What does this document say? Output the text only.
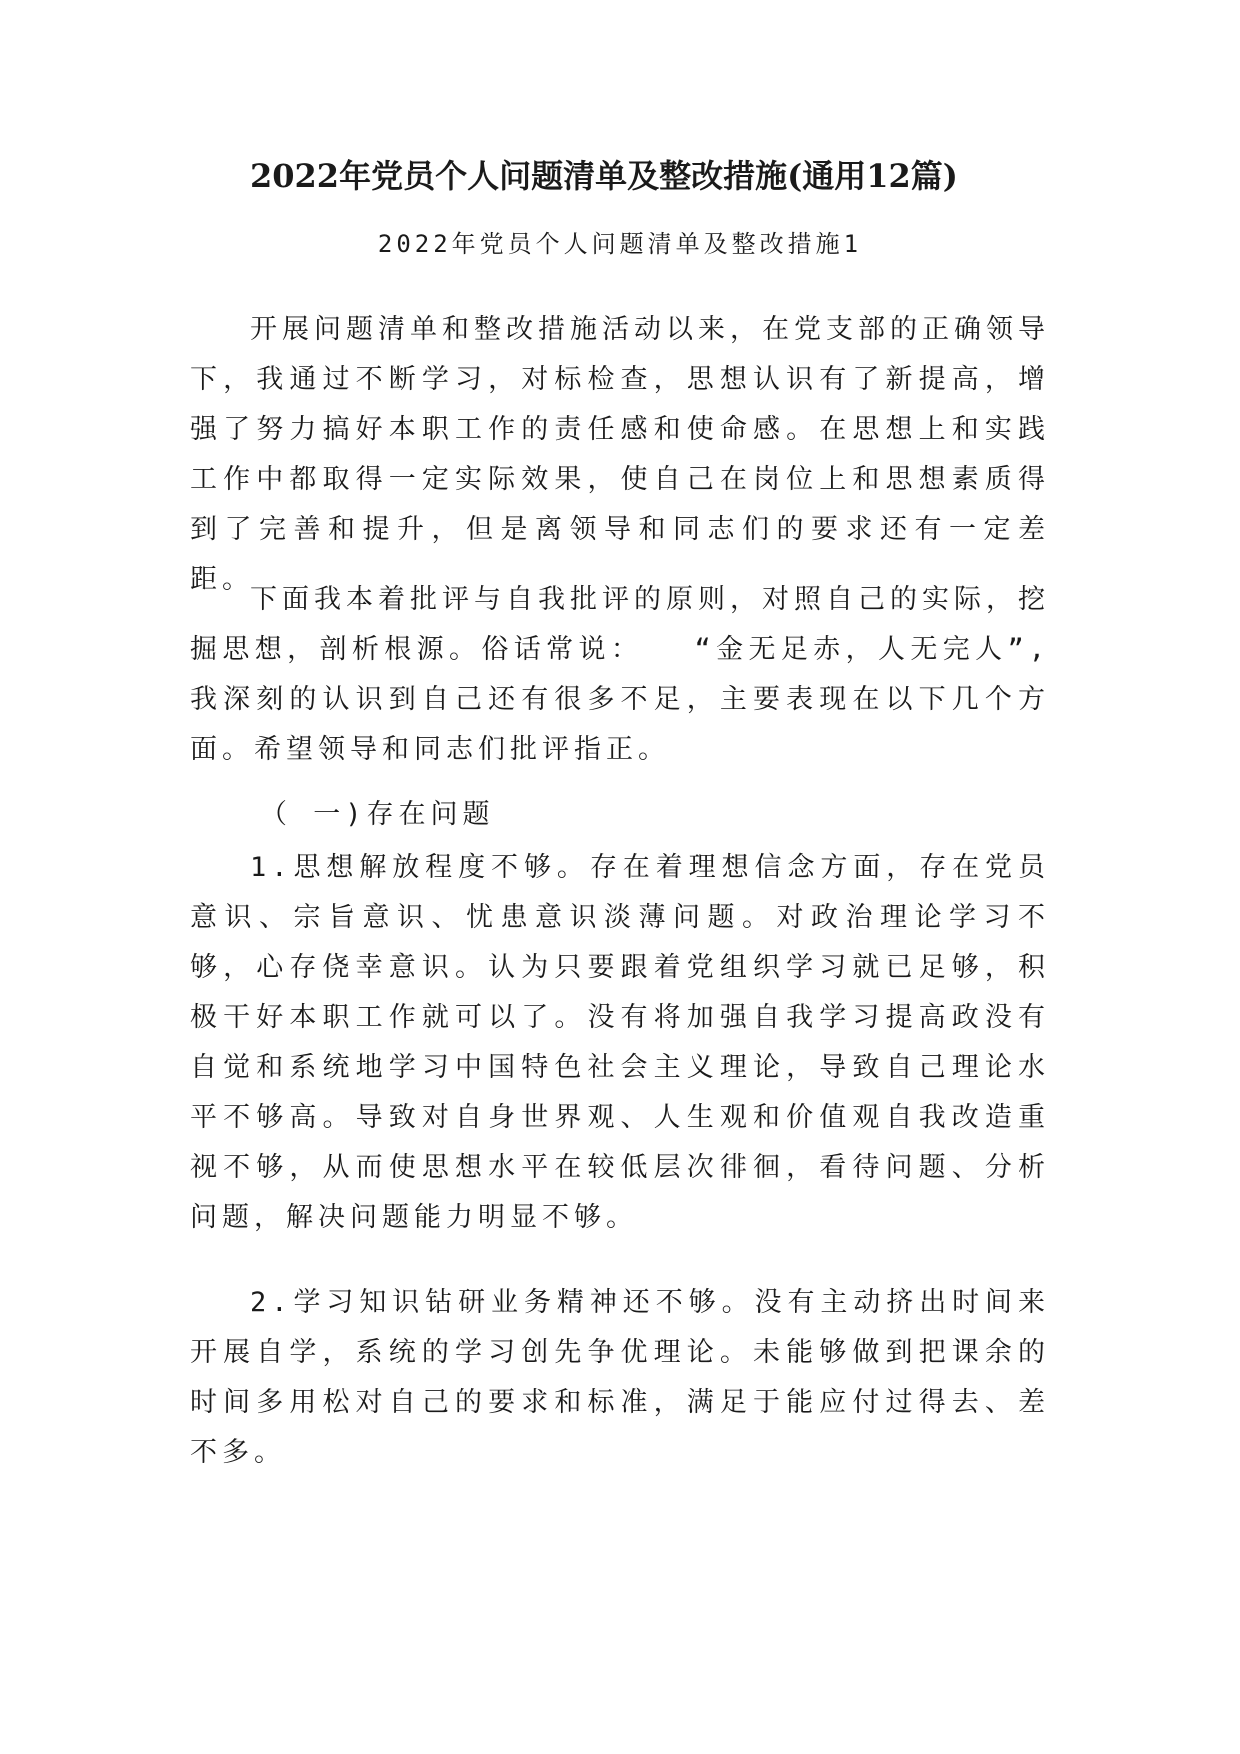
2022年党员个人问题清单及整改措施(通用12篇)
2022年党员个人问题清单及整改措施1

开展问题清单和整改措施活动以来，在党支部的正确领导下，我通过不断学习，对标检查，思想认识有了新提高，增强了努力搞好本职工作的责任感和使命感。在思想上和实践工作中都取得一定实际效果，使自己在岗位上和思想素质得到了完善和提升，但是离领导和同志们的要求还有一定差距。

下面我本着批评与自我批评的原则，对照自己的实际，挖掘思想，剖析根源。俗话常说：　　“金无足赤，人无完人”,我深刻的认识到自己还有很多不足，主要表现在以下几个方面。希望领导和同志们批评指正。

（ 一)存在问题

1.思想解放程度不够。存在着理想信念方面，存在党员意识、宗旨意识、忧患意识淡薄问题。对政治理论学习不够，心存侥幸意识。认为只要跟着党组织学习就已足够，积极干好本职工作就可以了。没有将加强自我学习提高政没有自觉和系统地学习中国特色社会主义理论，导致自己理论水平不够高。导致对自身世界观、人生观和价值观自我改造重视不够，从而使思想水平在较低层次徘徊，看待问题、分析问题，解决问题能力明显不够。

2.学习知识钻研业务精神还不够。没有主动挤出时间来开展自学，系统的学习创先争优理论。未能够做到把课余的时间多用松对自己的要求和标准，满足于能应付过得去、差不多。
